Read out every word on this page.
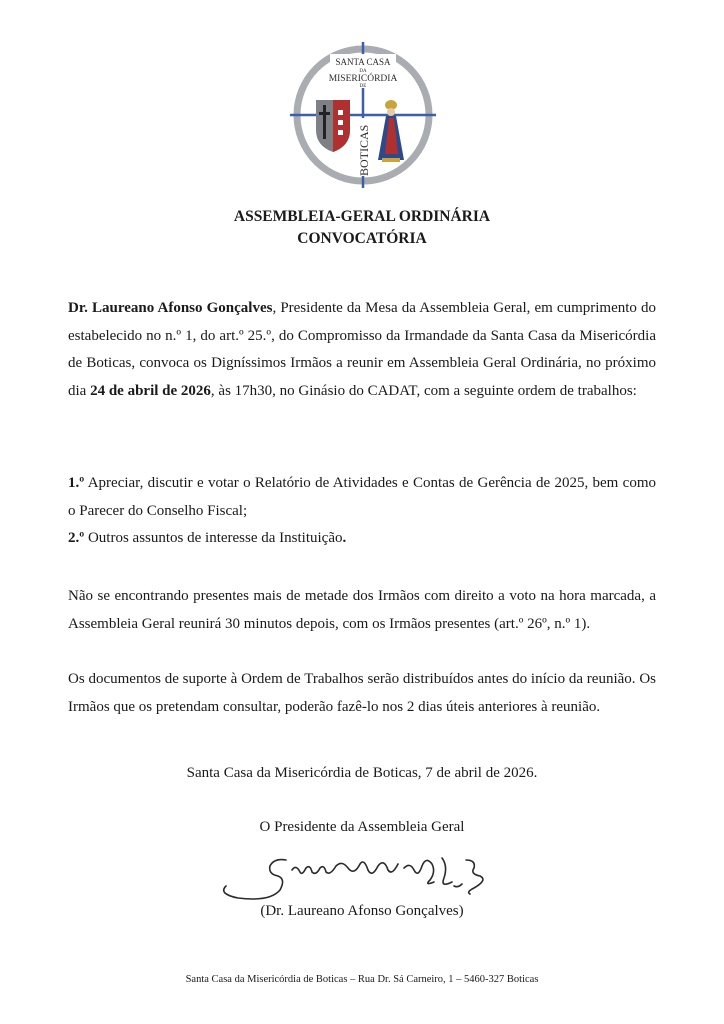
SANTA CASA
DA
MISERICÓRDIA
DE
BOTICAS
ASSEMBLEIA-GERAL ORDINÁRIA
CONVOCATÓRIA

Dr. Laureano Afonso Gonçalves, Presidente da Mesa da Assembleia Geral, em cumprimento do estabelecido no n.º 1, do art.º 25.º, do Compromisso da Irmandade da Santa Casa da Misericórdia de Boticas, convoca os Digníssimos Irmãos a reunir em Assembleia Geral Ordinária, no próximo dia 24 de abril de 2026, às 17h30, no Ginásio do CADAT, com a seguinte ordem de trabalhos:

1.º Apreciar, discutir e votar o Relatório de Atividades e Contas de Gerência de 2025, bem como o Parecer do Conselho Fiscal;
2.º Outros assuntos de interesse da Instituição.

Não se encontrando presentes mais de metade dos Irmãos com direito a voto na hora marcada, a Assembleia Geral reunirá 30 minutos depois, com os Irmãos presentes (art.º 26º, n.º 1).

Os documentos de suporte à Ordem de Trabalhos serão distribuídos antes do início da reunião. Os Irmãos que os pretendam consultar, poderão fazê-lo nos 2 dias úteis anteriores à reunião.

Santa Casa da Misericórdia de Boticas, 7 de abril de 2026.
O Presidente da Assembleia Geral
(Dr. Laureano Afonso Gonçalves)
Santa Casa da Misericórdia de Boticas – Rua Dr. Sá Carneiro, 1 – 5460-327 Boticas
